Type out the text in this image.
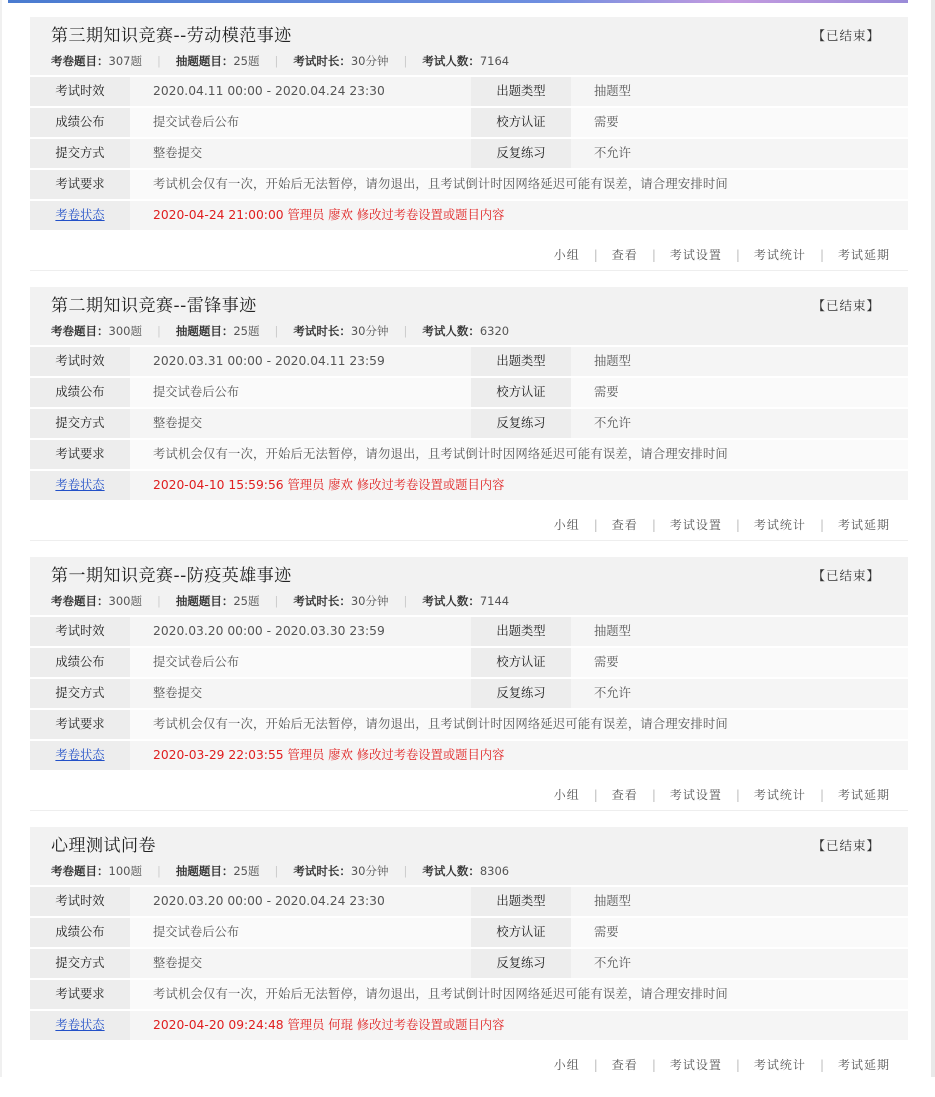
第三期知识竞赛--劳动模范事迹	【已结束】
考卷题目：307题 | 抽题题目：25题 | 考试时长：30分钟 | 考试人数：7164
考试时效	2020.04.11 00:00 - 2020.04.24 23:30	出题类型	抽题型
成绩公布	提交试卷后公布	校方认证	需要
提交方式	整卷提交	反复练习	不允许
考试要求	考试机会仅有一次，开始后无法暂停，请勿退出，且考试倒计时因网络延迟可能有误差，请合理安排时间
考卷状态	2020-04-24 21:00:00 管理员 廖欢 修改过考卷设置或题目内容
小组 | 查看 | 考试设置 | 考试统计 | 考试延期
第二期知识竞赛--雷锋事迹	【已结束】
考卷题目：300题 | 抽题题目：25题 | 考试时长：30分钟 | 考试人数：6320
考试时效	2020.03.31 00:00 - 2020.04.11 23:59	出题类型	抽题型
成绩公布	提交试卷后公布	校方认证	需要
提交方式	整卷提交	反复练习	不允许
考试要求	考试机会仅有一次，开始后无法暂停，请勿退出，且考试倒计时因网络延迟可能有误差，请合理安排时间
考卷状态	2020-04-10 15:59:56 管理员 廖欢 修改过考卷设置或题目内容
小组 | 查看 | 考试设置 | 考试统计 | 考试延期
第一期知识竞赛--防疫英雄事迹	【已结束】
考卷题目：300题 | 抽题题目：25题 | 考试时长：30分钟 | 考试人数：7144
考试时效	2020.03.20 00:00 - 2020.03.30 23:59	出题类型	抽题型
成绩公布	提交试卷后公布	校方认证	需要
提交方式	整卷提交	反复练习	不允许
考试要求	考试机会仅有一次，开始后无法暂停，请勿退出，且考试倒计时因网络延迟可能有误差，请合理安排时间
考卷状态	2020-03-29 22:03:55 管理员 廖欢 修改过考卷设置或题目内容
小组 | 查看 | 考试设置 | 考试统计 | 考试延期
心理测试问卷	【已结束】
考卷题目：100题 | 抽题题目：25题 | 考试时长：30分钟 | 考试人数：8306
考试时效	2020.03.20 00:00 - 2020.04.24 23:30	出题类型	抽题型
成绩公布	提交试卷后公布	校方认证	需要
提交方式	整卷提交	反复练习	不允许
考试要求	考试机会仅有一次，开始后无法暂停，请勿退出，且考试倒计时因网络延迟可能有误差，请合理安排时间
考卷状态	2020-04-20 09:24:48 管理员 何琨 修改过考卷设置或题目内容
小组 | 查看 | 考试设置 | 考试统计 | 考试延期
